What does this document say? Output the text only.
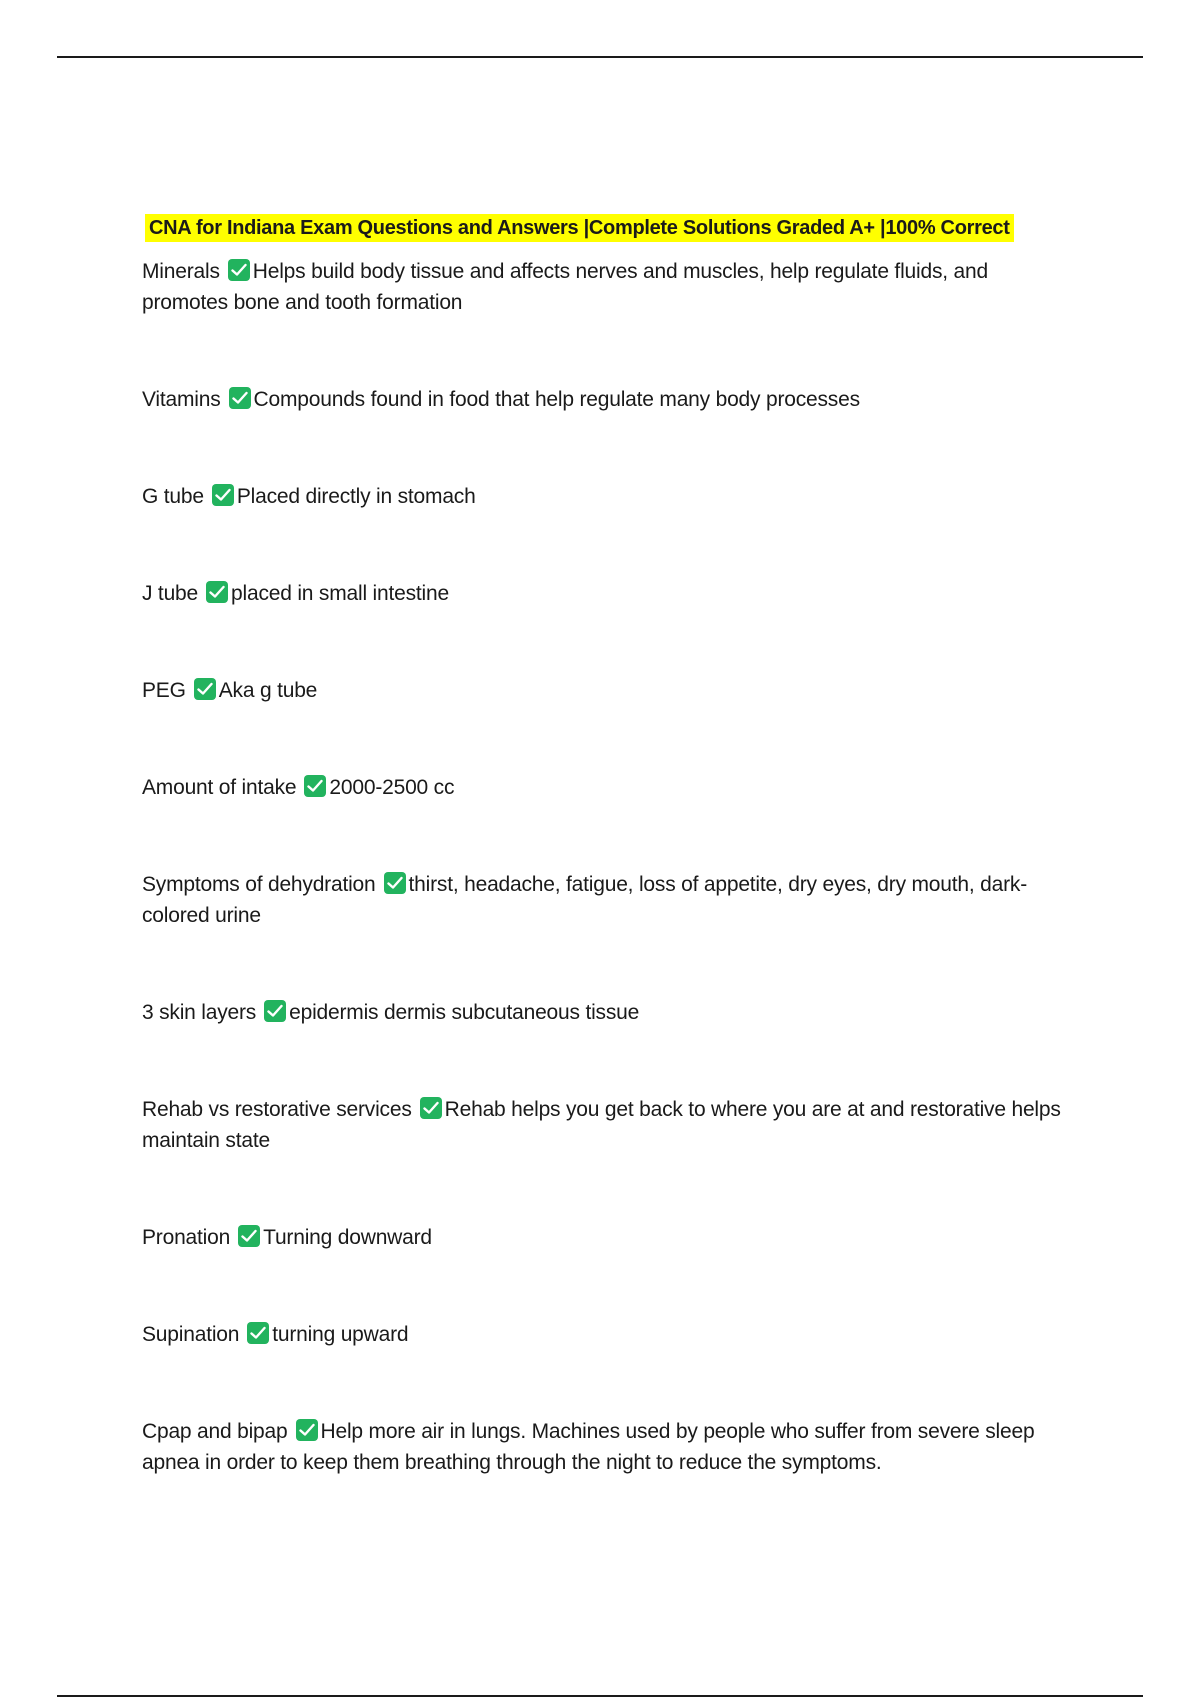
CNA for Indiana Exam Questions and Answers |Complete Solutions Graded A+ |100% Correct
Minerals Helps build body tissue and affects nerves and muscles, help regulate fluids, and promotes bone and tooth formation
Vitamins Compounds found in food that help regulate many body processes
G tube Placed directly in stomach
J tube placed in small intestine
PEG Aka g tube
Amount of intake 2000-2500 cc
Symptoms of dehydration thirst, headache, fatigue, loss of appetite, dry eyes, dry mouth, dark-colored urine
3 skin layers epidermis dermis subcutaneous tissue
Rehab vs restorative services Rehab helps you get back to where you are at and restorative helps maintain state
Pronation Turning downward
Supination turning upward
Cpap and bipap Help more air in lungs. Machines used by people who suffer from severe sleep apnea in order to keep them breathing through the night to reduce the symptoms.
